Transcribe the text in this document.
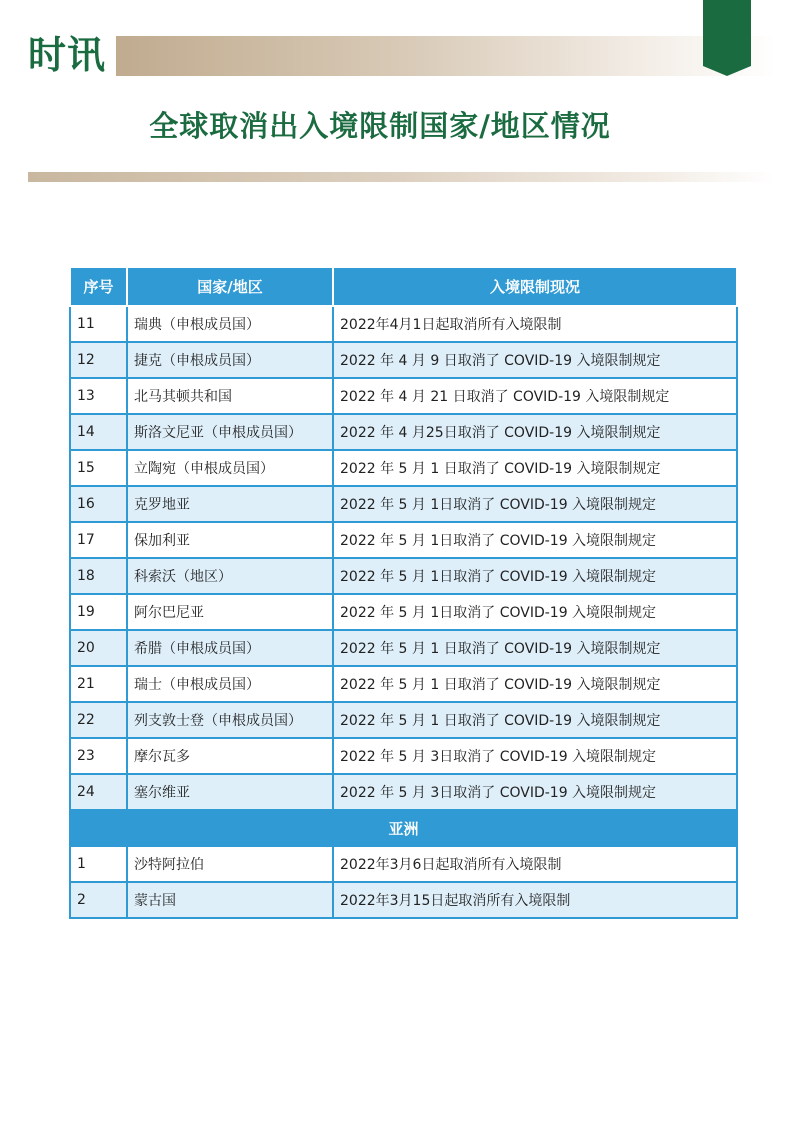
时讯
全球取消出入境限制国家/地区情况
序号	国家/地区	入境限制现况
11	瑞典（申根成员国）	2022年4月1日起取消所有入境限制
12	捷克（申根成员国）	2022 年 4 月 9 日取消了 COVID-19 入境限制规定
13	北马其顿共和国	2022 年 4 月 21 日取消了 COVID-19 入境限制规定
14	斯洛文尼亚（申根成员国）	2022 年 4 月25日取消了 COVID-19 入境限制规定
15	立陶宛（申根成员国）	2022 年 5 月 1 日取消了 COVID-19 入境限制规定
16	克罗地亚	2022 年 5 月 1日取消了 COVID-19 入境限制规定
17	保加利亚	2022 年 5 月 1日取消了 COVID-19 入境限制规定
18	科索沃（地区）	2022 年 5 月 1日取消了 COVID-19 入境限制规定
19	阿尔巴尼亚	2022 年 5 月 1日取消了 COVID-19 入境限制规定
20	希腊（申根成员国）	2022 年 5 月 1 日取消了 COVID-19 入境限制规定
21	瑞士（申根成员国）	2022 年 5 月 1 日取消了 COVID-19 入境限制规定
22	列支敦士登（申根成员国）	2022 年 5 月 1 日取消了 COVID-19 入境限制规定
23	摩尔瓦多	2022 年 5 月 3日取消了 COVID-19 入境限制规定
24	塞尔维亚	2022 年 5 月 3日取消了 COVID-19 入境限制规定
亚洲		
1	沙特阿拉伯	2022年3月6日起取消所有入境限制
2	蒙古国	2022年3月15日起取消所有入境限制
